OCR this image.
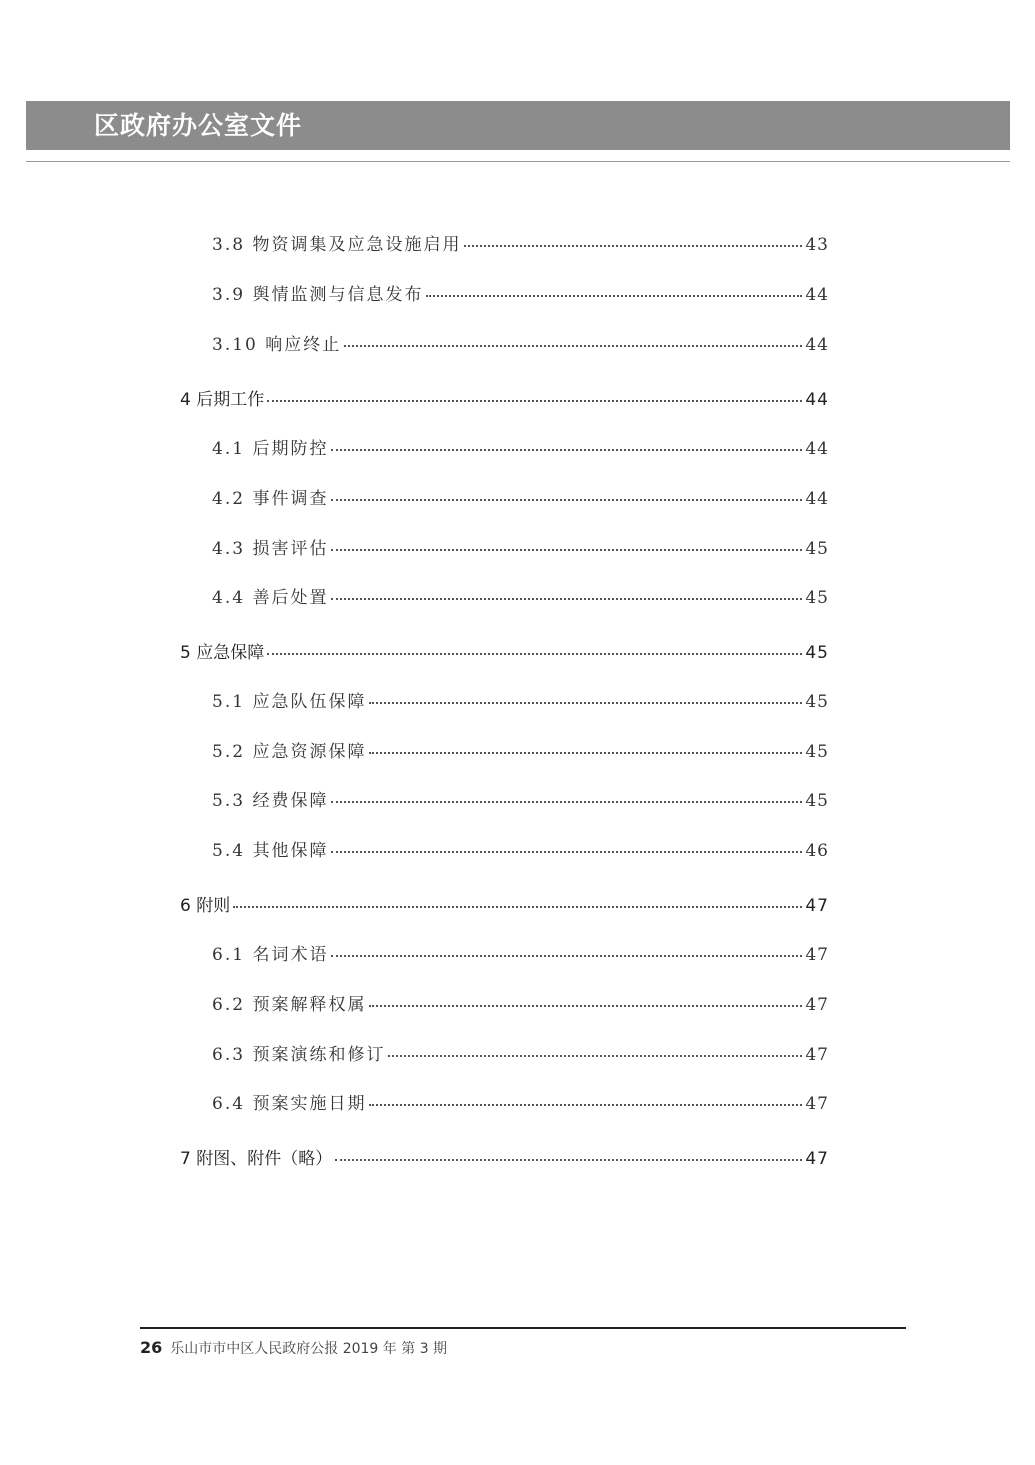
区政府办公室文件
3.8 物资调集及应急设施启用	43
3.9 舆情监测与信息发布	44
3.10 响应终止	44
4 后期工作	44
4.1 后期防控	44
4.2 事件调查	44
4.3 损害评估	45
4.4 善后处置	45
5 应急保障	45
5.1 应急队伍保障	45
5.2 应急资源保障	45
5.3 经费保障	45
5.4 其他保障	46
6 附则	47
6.1 名词术语	47
6.2 预案解释权属	47
6.3 预案演练和修订	47
6.4 预案实施日期	47
7 附图、附件（略）	47
26 乐山市市中区人民政府公报 2019 年 第 3 期
